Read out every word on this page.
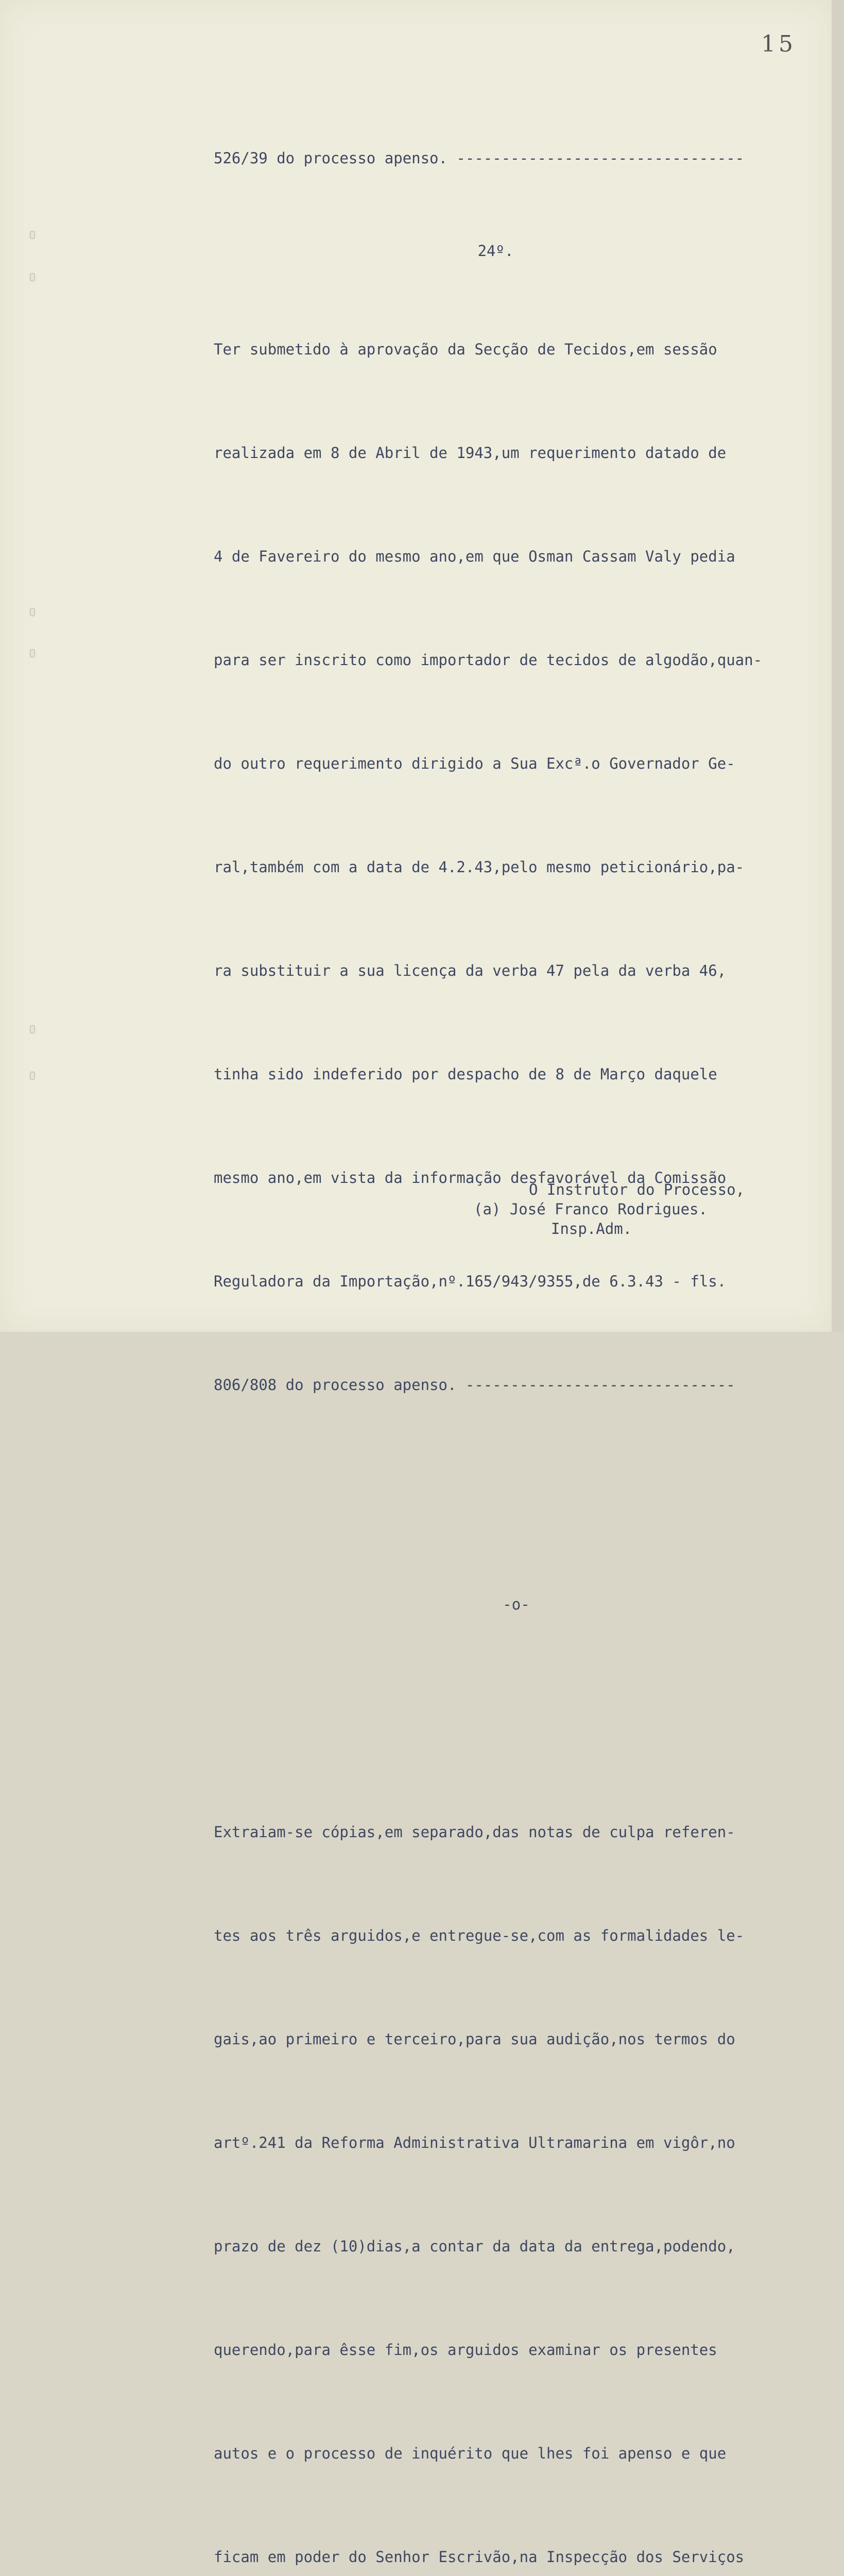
15

526/39 do processo apenso. --------------------------------

24º.

Ter submetido à aprovação da Secção de Tecidos,em sessão

realizada em 8 de Abril de 1943,um requerimento datado de

4 de Favereiro do mesmo ano,em que Osman Cassam Valy pedia

para ser inscrito como importador de tecidos de algodão,quan-

do outro requerimento dirigido a Sua Excª.o Governador Ge-

ral,também com a data de 4.2.43,pelo mesmo peticionário,pa-

ra substituir a sua licença da verba 47 pela da verba 46,

tinha sido indeferido por despacho de 8 de Março daquele

mesmo ano,em vista da informação desfavorável da Comissão

Reguladora da Importação,nº.165/943/9355,de 6.3.43 - fls.

806/808 do processo apenso. ------------------------------

-o-

Extraiam-se cópias,em separado,das notas de culpa referen-

tes aos três arguidos,e entregue-se,com as formalidades le-

gais,ao primeiro e terceiro,para sua audição,nos termos do

artº.241 da Reforma Administrativa Ultramarina em vigôr,no

prazo de dez (10)dias,a contar da data da entrega,podendo,

querendo,para êsse fim,os arguidos examinar os presentes

autos e o processo de inquérito que lhes foi apenso e que

ficam em poder do Senhor Escrivão,na Inspecção dos Serviços

O Instrutor do Processo,
(a) José Franco Rodrigues.
Insp.Adm.
